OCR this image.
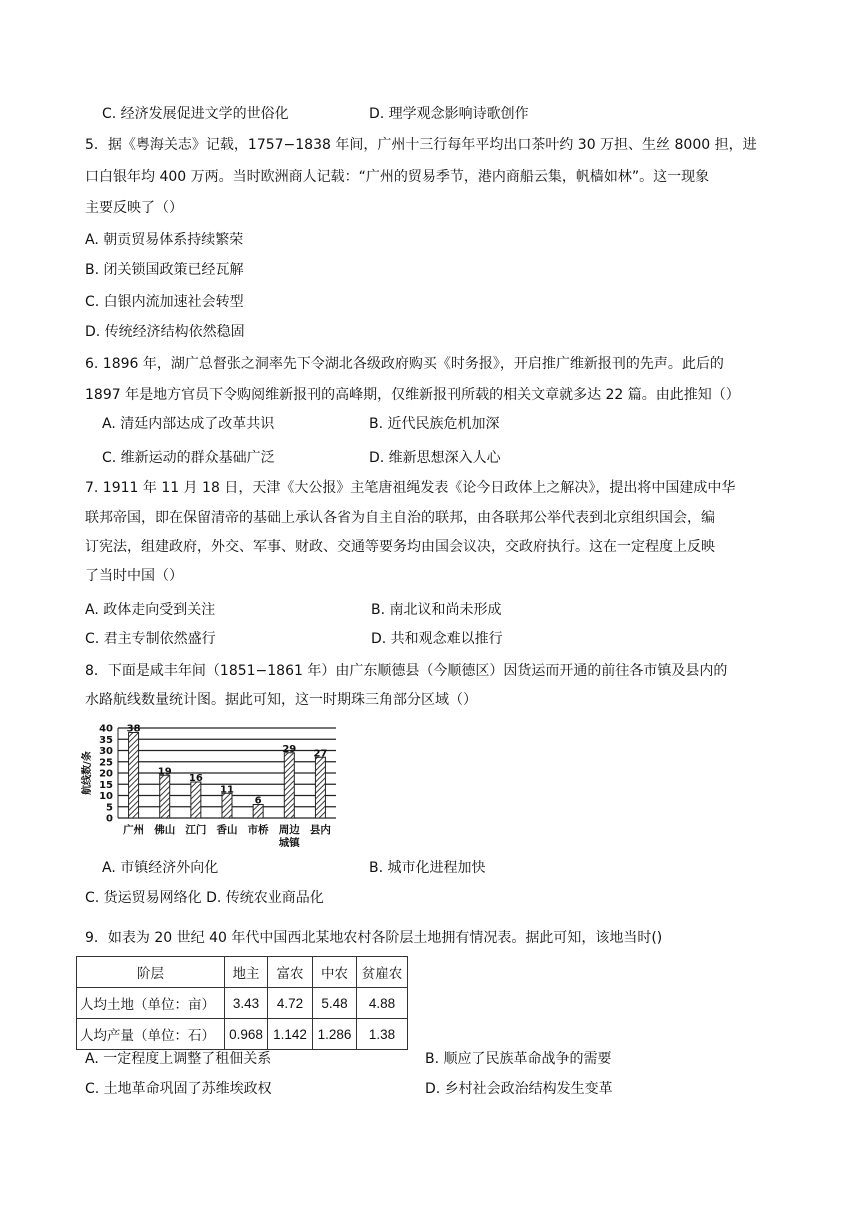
C. 经济发展促进文学的世俗化	D. 理学观念影响诗歌创作
5．据《粤海关志》记载，1757−1838 年间，广州十三行每年平均出口茶叶约 30 万担、生丝 8000 担，进
口白银年均 400 万两。当时欧洲商人记载：“广州的贸易季节，港内商船云集，帆樯如林”。这一现象
主要反映了（）
A. 朝贡贸易体系持续繁荣
B. 闭关锁国政策已经瓦解
C. 白银内流加速社会转型
D. 传统经济结构依然稳固
6. 1896 年，湖广总督张之洞率先下令湖北各级政府购买《时务报》，开启推广维新报刊的先声。此后的
1897 年是地方官员下令购阅维新报刊的高峰期，仅维新报刊所载的相关文章就多达 22 篇。由此推知（）
A. 清廷内部达成了改革共识	B. 近代民族危机加深
C. 维新运动的群众基础广泛	D. 维新思想深入人心
7. 1911 年 11 月 18 日，天津《大公报》主笔唐祖绳发表《论今日政体上之解决》，提出将中国建成中华
联邦帝国，即在保留清帝的基础上承认各省为自主自治的联邦，由各联邦公举代表到北京组织国会，编
订宪法，组建政府，外交、军事、财政、交通等要务均由国会议决，交政府执行。这在一定程度上反映
了当时中国（）
A. 政体走向受到关注	B. 南北议和尚未形成
C. 君主专制依然盛行	D. 共和观念难以推行
8．下面是咸丰年间（1851−1861 年）由广东顺德县（今顺德区）因货运而开通的前往各市镇及县内的
水路航线数量统计图。据此可知，这一时期珠三角部分区域（）
0
5
10
15
20
25
30
35
40 38
19
16
11
6
29 27
广州 佛山 江门 香山 市桥 周边城镇
县内
航线数/条
A. 市镇经济外向化	B. 城市化进程加快
C. 货运贸易网络化 D. 传统农业商品化
9．如表为 20 世纪 40 年代中国西北某地农村各阶层土地拥有情况表。据此可知，该地当时()
阶层	地主	富农	中农	贫雇农
人均土地（单位：亩）	3.43	4.72	5.48	4.88
人均产量（单位：石）	0.968	1.142	1.286	1.38
A. 一定程度上调整了租佃关系	B. 顺应了民族革命战争的需要
C. 土地革命巩固了苏维埃政权	D. 乡村社会政治结构发生变革
